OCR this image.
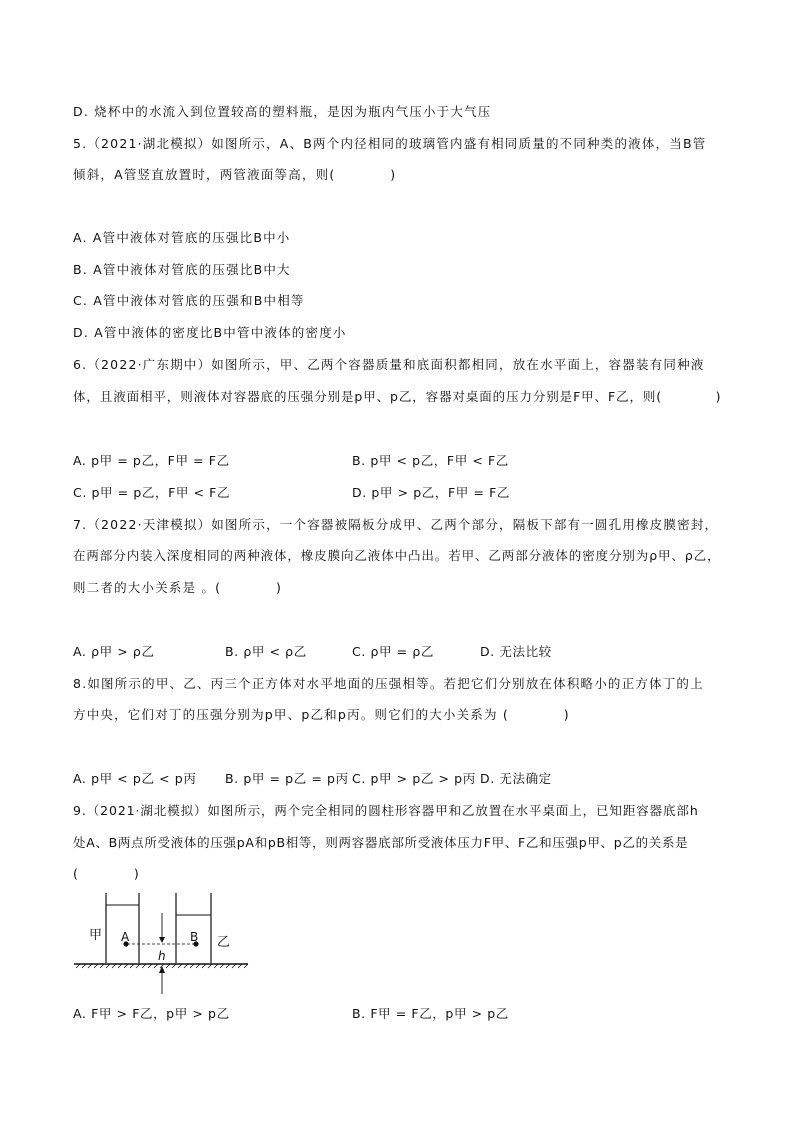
D. 烧杯中的水流入到位置较高的塑料瓶，是因为瓶内气压小于大气压
5.（2021·湖北模拟）如图所示，A、B两个内径相同的玻璃管内盛有相同质量的不同种类的液体，当B管
倾斜，A管竖直放置时，两管液面等高，则(　　　　)
A. A管中液体对管底的压强比B中小
B. A管中液体对管底的压强比B中大
C. A管中液体对管底的压强和B中相等
D. A管中液体的密度比B中管中液体的密度小
6.（2022·广东期中）如图所示，甲、乙两个容器质量和底面积都相同，放在水平面上，容器装有同种液
体，且液面相平，则液体对容器底的压强分别是p甲、p乙，容器对桌面的压力分别是F甲、F乙，则(　　　　)
A. p甲 = p乙，F甲 = F乙	B. p甲 < p乙，F甲 < F乙
C. p甲 = p乙，F甲 < F乙	D. p甲 > p乙，F甲 = F乙
7.（2022·天津模拟）如图所示，一个容器被隔板分成甲、乙两个部分，隔板下部有一圆孔用橡皮膜密封，
在两部分内装入深度相同的两种液体，橡皮膜向乙液体中凸出。若甲、乙两部分液体的密度分别为ρ甲、ρ乙，
则二者的大小关系是 。(　　　　)
A. ρ甲 > ρ乙	B. ρ甲 < ρ乙	C. ρ甲 = ρ乙	D. 无法比较
8.如图所示的甲、乙、丙三个正方体对水平地面的压强相等。若把它们分别放在体积略小的正方体丁的上
方中央，它们对丁的压强分别为p甲、p乙和p丙。则它们的大小关系为 (　　　　)
A. p甲 < p乙 < p丙 B. p甲 = p乙 = p丙 C. p甲 > p乙 > p丙 D. 无法确定
9.（2021·湖北模拟）如图所示，两个完全相同的圆柱形容器甲和乙放置在水平桌面上，已知距容器底部h
处A、B两点所受液体的压强pA和pB相等，则两容器底部所受液体压力F甲、F乙和压强p甲、p乙的关系是
(　　　　)
甲	乙
A	B
h
A. F甲 > F乙，p甲 > p乙	B. F甲 = F乙，p甲 > p乙
